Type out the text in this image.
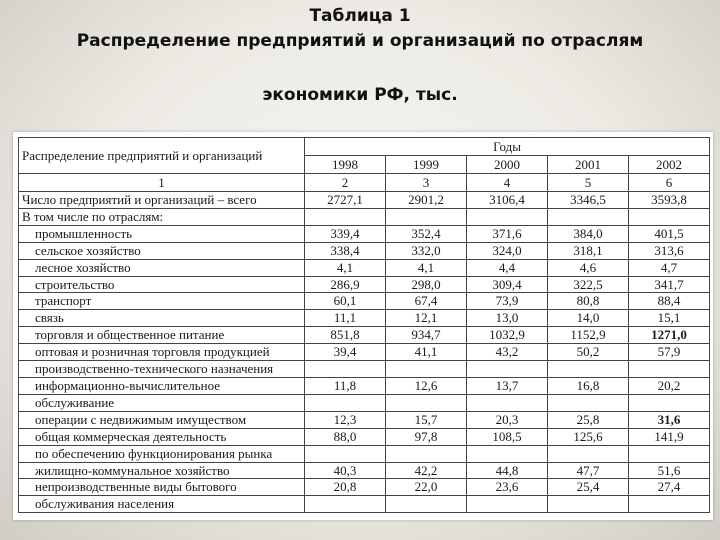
Таблица 1
Распределение предприятий и организаций по отраслям
экономики РФ, тыс.
Распределение предприятий и организаций	Годы				
	1998	1999	2000	2001	2002
1	2	3	4	5	6
Число предприятий и организаций – всего	2727,1	2901,2	3106,4	3346,5	3593,8
В том числе по отраслям:					
промышленность	339,4	352,4	371,6	384,0	401,5
сельское хозяйство	338,4	332,0	324,0	318,1	313,6
лесное хозяйство	4,1	4,1	4,4	4,6	4,7
строительство	286,9	298,0	309,4	322,5	341,7
транспорт	60,1	67,4	73,9	80,8	88,4
связь	11,1	12,1	13,0	14,0	15,1
торговля и общественное питание	851,8	934,7	1032,9	1152,9	1271,0
оптовая и розничная торговля продукцией	39,4	41,1	43,2	50,2	57,9
производственно-технического назначения					
информационно-вычислительное	11,8	12,6	13,7	16,8	20,2
обслуживание					
операции с недвижимым имуществом	12,3	15,7	20,3	25,8	31,6
общая коммерческая деятельность	88,0	97,8	108,5	125,6	141,9
по обеспечению функционирования рынка					
жилищно-коммунальное хозяйство	40,3	42,2	44,8	47,7	51,6
непроизводственные виды бытового	20,8	22,0	23,6	25,4	27,4
обслуживания населения					
